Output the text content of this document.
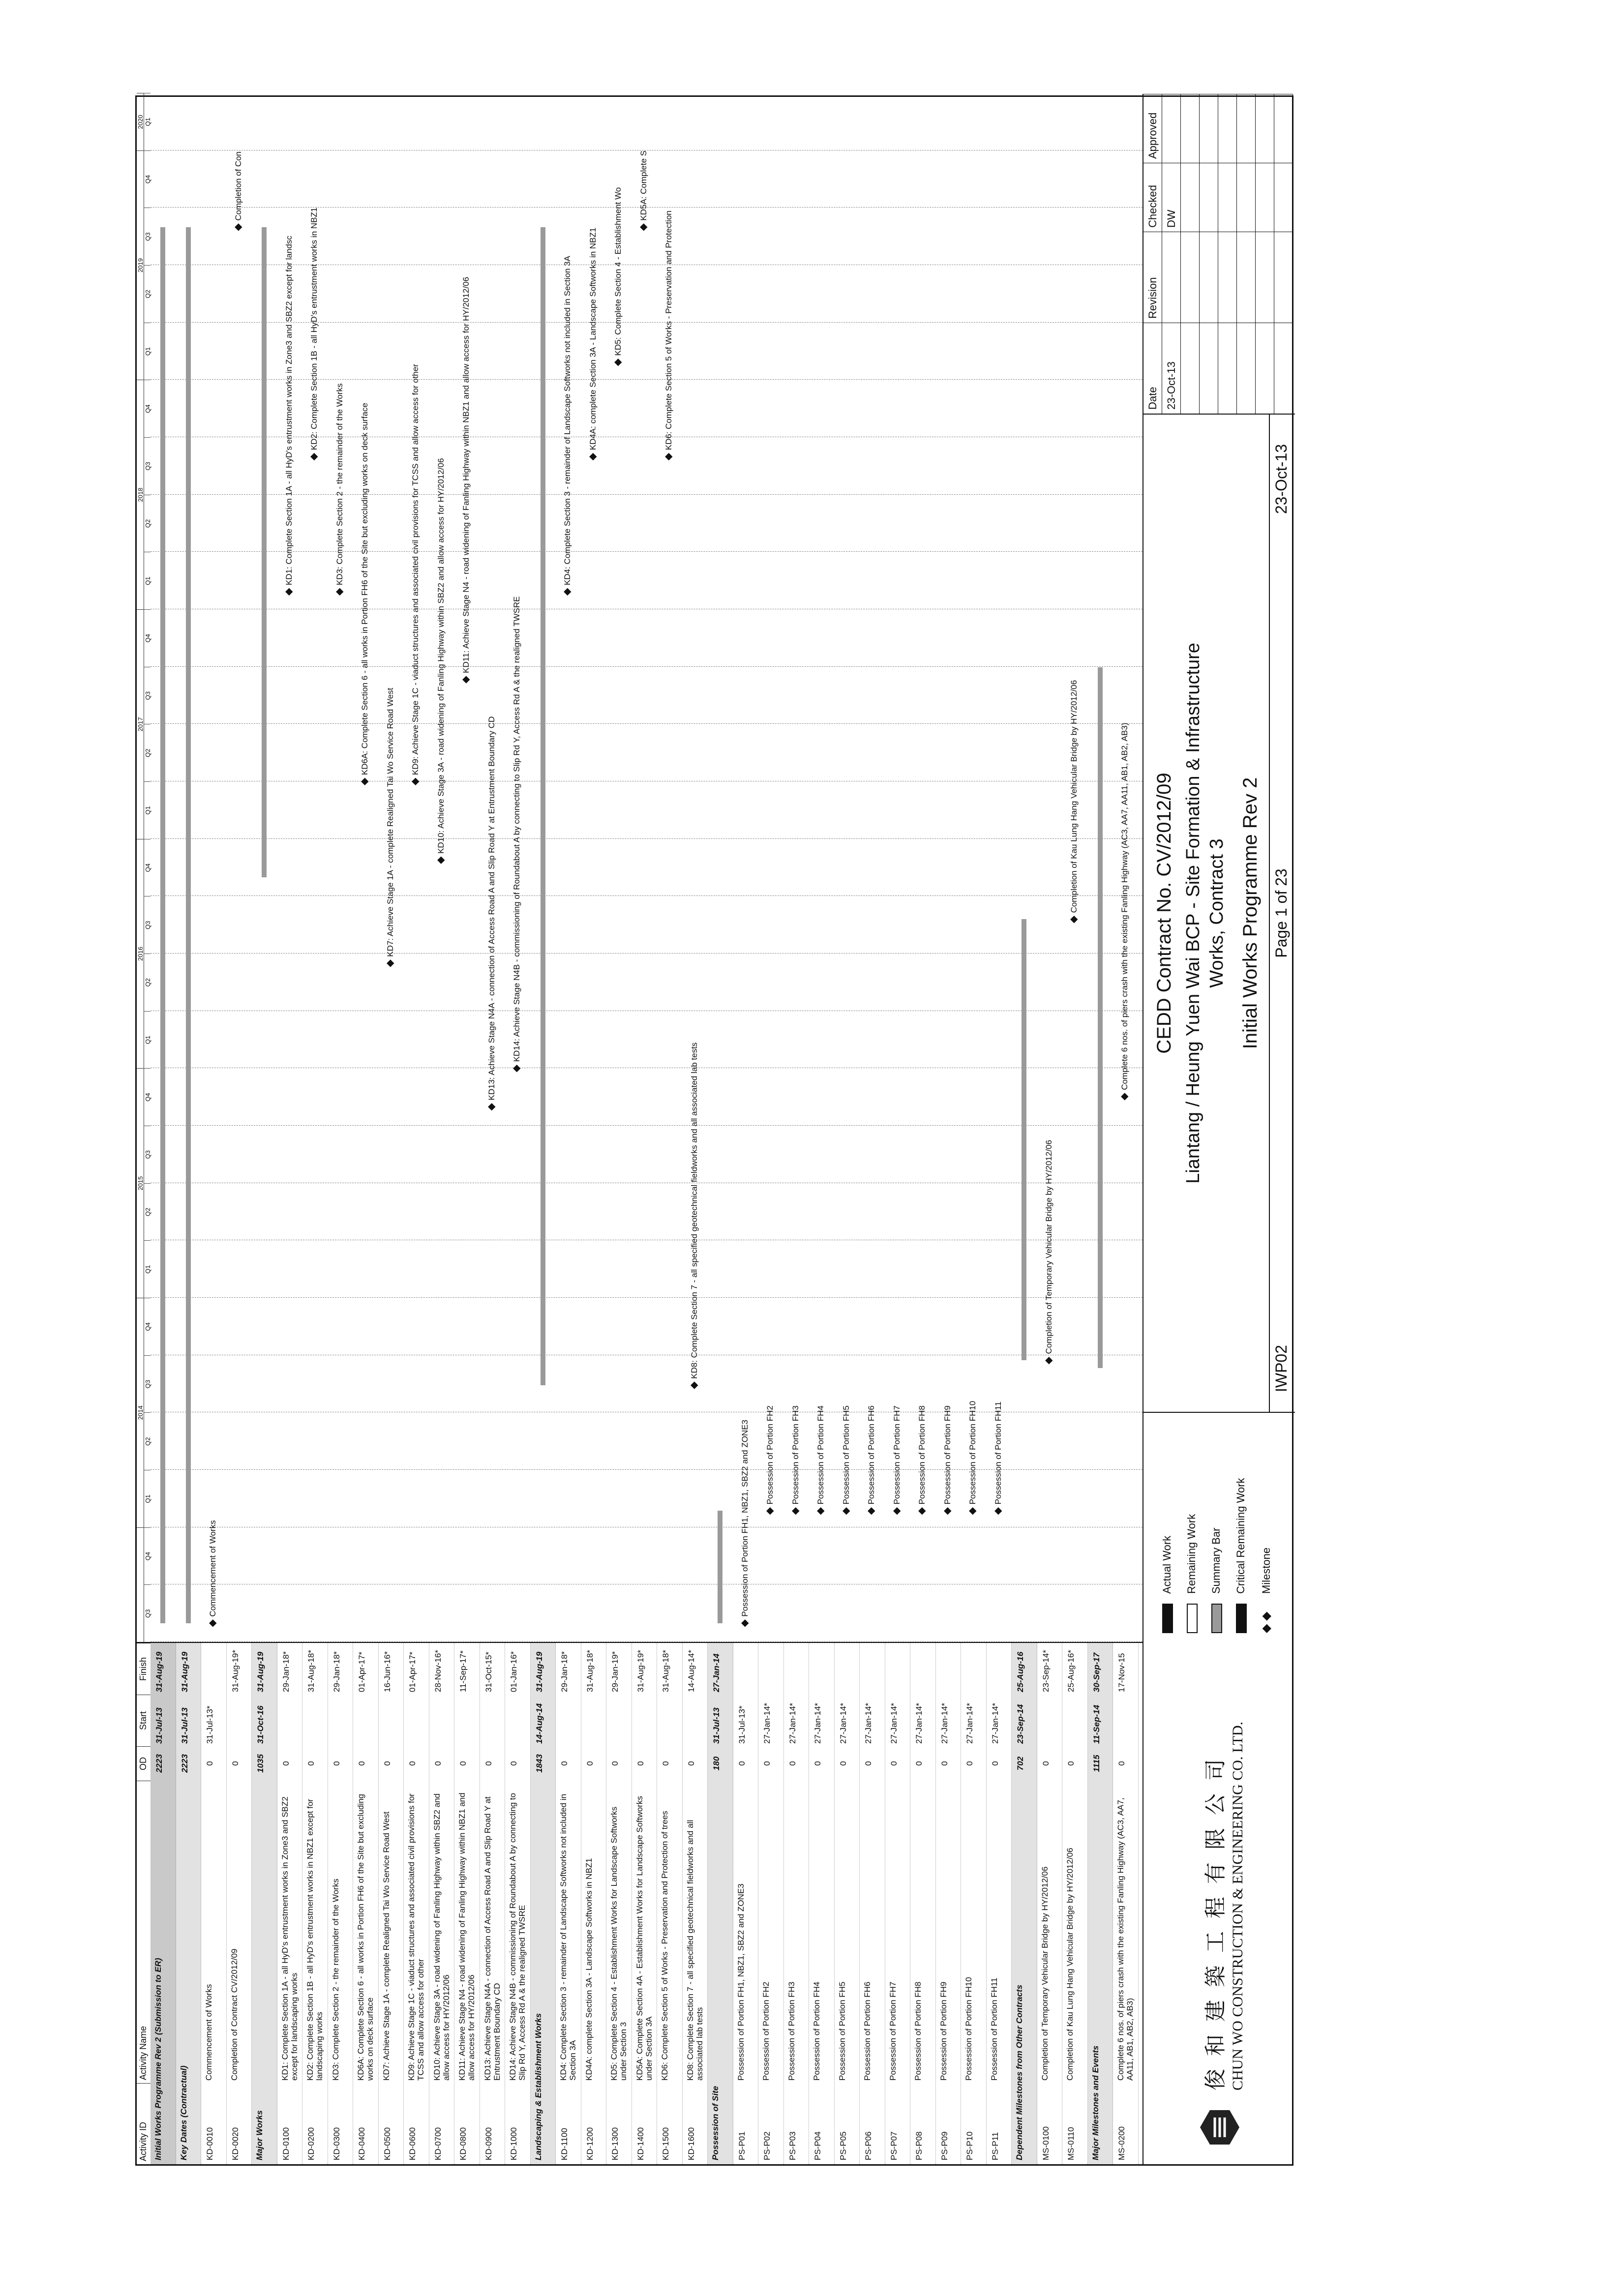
Activity ID
Activity Name
OD
Start
Finish
Initial Works Programme Rev 2 (Submission to ER)
2223
31-Jul-13
31-Aug-19
Key Dates (Contractual)
2223
31-Jul-13
31-Aug-19
KD-0010
Commencement of Works
0
31-Jul-13*
KD-0020
Completion of Contract CV/2012/09
0
31-Aug-19*
Major Works
1035
31-Oct-16
31-Aug-19
KD-0100
KD1: Complete Section 1A - all HyD's entrustment works in Zone3 and SBZ2 except for landscaping works
0
29-Jan-18*
KD-0200
KD2: Complete Section 1B - all HyD's entrustment works in NBZ1 except for landscaping works
0
31-Aug-18*
KD-0300
KD3: Complete Section 2 - the remainder of the Works
0
29-Jan-18*
KD-0400
KD6A: Complete Section 6 - all works in Portion FH6 of the Site but excluding works on deck surface
0
01-Apr-17*
KD-0500
KD7: Achieve Stage 1A - complete Realigned Tai Wo Service Road West
0
16-Jun-16*
KD-0600
KD9: Achieve Stage 1C - viaduct structures and associated civil provisions for TCSS and allow access for other
0
01-Apr-17*
KD-0700
KD10: Achieve Stage 3A - road widening of Fanling Highway within SBZ2 and allow access for HY/2012/06
0
28-Nov-16*
KD-0800
KD11: Achieve Stage N4 - road widening of Fanling Highway within NBZ1 and allow access for HY/2012/06
0
11-Sep-17*
KD-0900
KD13: Achieve Stage N4A - connection of Access Road A and Slip Road Y at Entrustment Boundary CD
0
31-Oct-15*
KD-1000
KD14: Achieve Stage N4B - commissioning of Roundabout A by connecting to Slip Rd Y, Access Rd A & the realigned TWSRE
0
01-Jan-16*
Landscaping & Establishment Works
1843
14-Aug-14
31-Aug-19
KD-1100
KD4: Complete Section 3 - remainder of Landscape Softworks not included in Section 3A
0
29-Jan-18*
KD-1200
KD4A: complete Section 3A - Landscape Softworks in NBZ1
0
31-Aug-18*
KD-1300
KD5: Complete Section 4 - Establishment Works for Landscape Softworks under Section 3
0
29-Jan-19*
KD-1400
KD5A: Complete Section 4A - Establishment Works for Landscape Softworks under Section 3A
0
31-Aug-19*
KD-1500
KD6: Complete Section 5 of Works - Preservation and Protection of trees
0
31-Aug-18*
KD-1600
KD8: Complete Section 7 - all specified geotechnical fieldworks and all associated lab tests
0
14-Aug-14*
Possession of Site
180
31-Jul-13
27-Jan-14
PS-P01
Possession of Portion FH1, NBZ1, SBZ2 and ZONE3
0
31-Jul-13*
PS-P02
Possession of Portion FH2
0
27-Jan-14*
PS-P03
Possession of Portion FH3
0
27-Jan-14*
PS-P04
Possession of Portion FH4
0
27-Jan-14*
PS-P05
Possession of Portion FH5
0
27-Jan-14*
PS-P06
Possession of Portion FH6
0
27-Jan-14*
PS-P07
Possession of Portion FH7
0
27-Jan-14*
PS-P08
Possession of Portion FH8
0
27-Jan-14*
PS-P09
Possession of Portion FH9
0
27-Jan-14*
PS-P10
Possession of Portion FH10
0
27-Jan-14*
PS-P11
Possession of Portion FH11
0
27-Jan-14*
Dependent Milestones from Other Contracts
702
23-Sep-14
25-Aug-16
MS-0100
Completion of Temporary Vehicular Bridge by HY/2012/06
0
23-Sep-14*
MS-0110
Completion of Kau Lung Hang Vehicular Bridge by HY/2012/06
0
25-Aug-16*
Major Milestones and Events
1115
11-Sep-14
30-Sep-17
MS-0200
Complete 6 nos. of piers crash with the existing Fanling Highway (AC3, AA7, AA11, AB1, AB2, AB3)
0
17-Nov-15
Q3
Q4
Q1
Q2
Q3
Q4
Q1
Q2
Q3
Q4
Q1
Q2
Q3
Q4
Q1
Q2
Q3
Q4
Q1
Q2
Q3
Q4
Q1
Q2
Q3
Q4
Q1
2014
2015
2016
2017
2018
2019
2020
◆ Commencement of Works
◆ Completion of Con
◆ KD1: Complete Section 1A - all HyD's entrustment works in Zone3 and SBZ2 except for landsc ◆ KD2: Complete Section 1B - all HyD's entrustment works in NBZ1
◆ KD3: Complete Section 2 - the remainder of the Works
◆ KD6A: Complete Section 6 - all works in Portion FH6 of the Site but excluding works on deck surface
◆ KD7: Achieve Stage 1A - complete Realigned Tai Wo Service Road West ◆ KD9: Achieve Stage 1C - viaduct structures and associated civil provisions for TCSS and allow access for other
◆ KD10: Achieve Stage 3A - road widening of Fanling Highway within SBZ2 and allow access for HY/2012/06 ◆ KD11: Achieve Stage N4 - road widening of Fanling Highway within NBZ1 and allow access for HY/2012/06
◆ KD13: Achieve Stage N4A - connection of Access Road A and Slip Road Y at Entrustment Boundary CD ◆ KD14: Achieve Stage N4B - commissioning of Roundabout A by connecting to Slip Rd Y, Access Rd A & the realigned TWSRE
◆ KD4: Complete Section 3 - remainder of Landscape Softworks not included in Section 3A ◆ KD4A: complete Section 3A - Landscape Softworks in NBZ1 ◆ KD5: Complete Section 4 - Establishment Wo ◆ KD5A: Complete S
◆ KD6: Complete Section 5 of Works - Preservation and Protection
◆ KD8: Complete Section 7 - all specified geotechnical fieldworks and all associated lab tests
◆ Possession of Portion FH1, NBZ1, SBZ2 and ZONE3 ◆ Possession of Portion FH2
◆ Possession of Portion FH3
◆ Possession of Portion FH4
◆ Possession of Portion FH5
◆ Possession of Portion FH6
◆ Possession of Portion FH7
◆ Possession of Portion FH8
◆ Possession of Portion FH9
◆ Possession of Portion FH10
◆ Possession of Portion FH11
◆ Completion of Temporary Vehicular Bridge by HY/2012/06
◆ Completion of Kau Lung Hang Vehicular Bridge by HY/2012/06
◆ Complete 6 nos. of piers crash with the existing Fanling Highway (AC3, AA7, AA11, AB1, AB2, AB3)
俊 和 建 築 工 程 有 限 公 司 CHUN WO CONSTRUCTION & ENGINEERING CO. LTD.
Actual Work Remaining Work Summary Bar Critical Remaining Work
◆ ◆Milestone
CEDD Contract No. CV/2012/09 Liantang / Heung Yuen Wai BCP - Site Formation & Infrastructure Works, Contract 3 Initial Works Programme Rev 2
IWP02
Page 1 of 23
23-Oct-13
Date
Revision
Checked
Approved
23-Oct-13
DW
